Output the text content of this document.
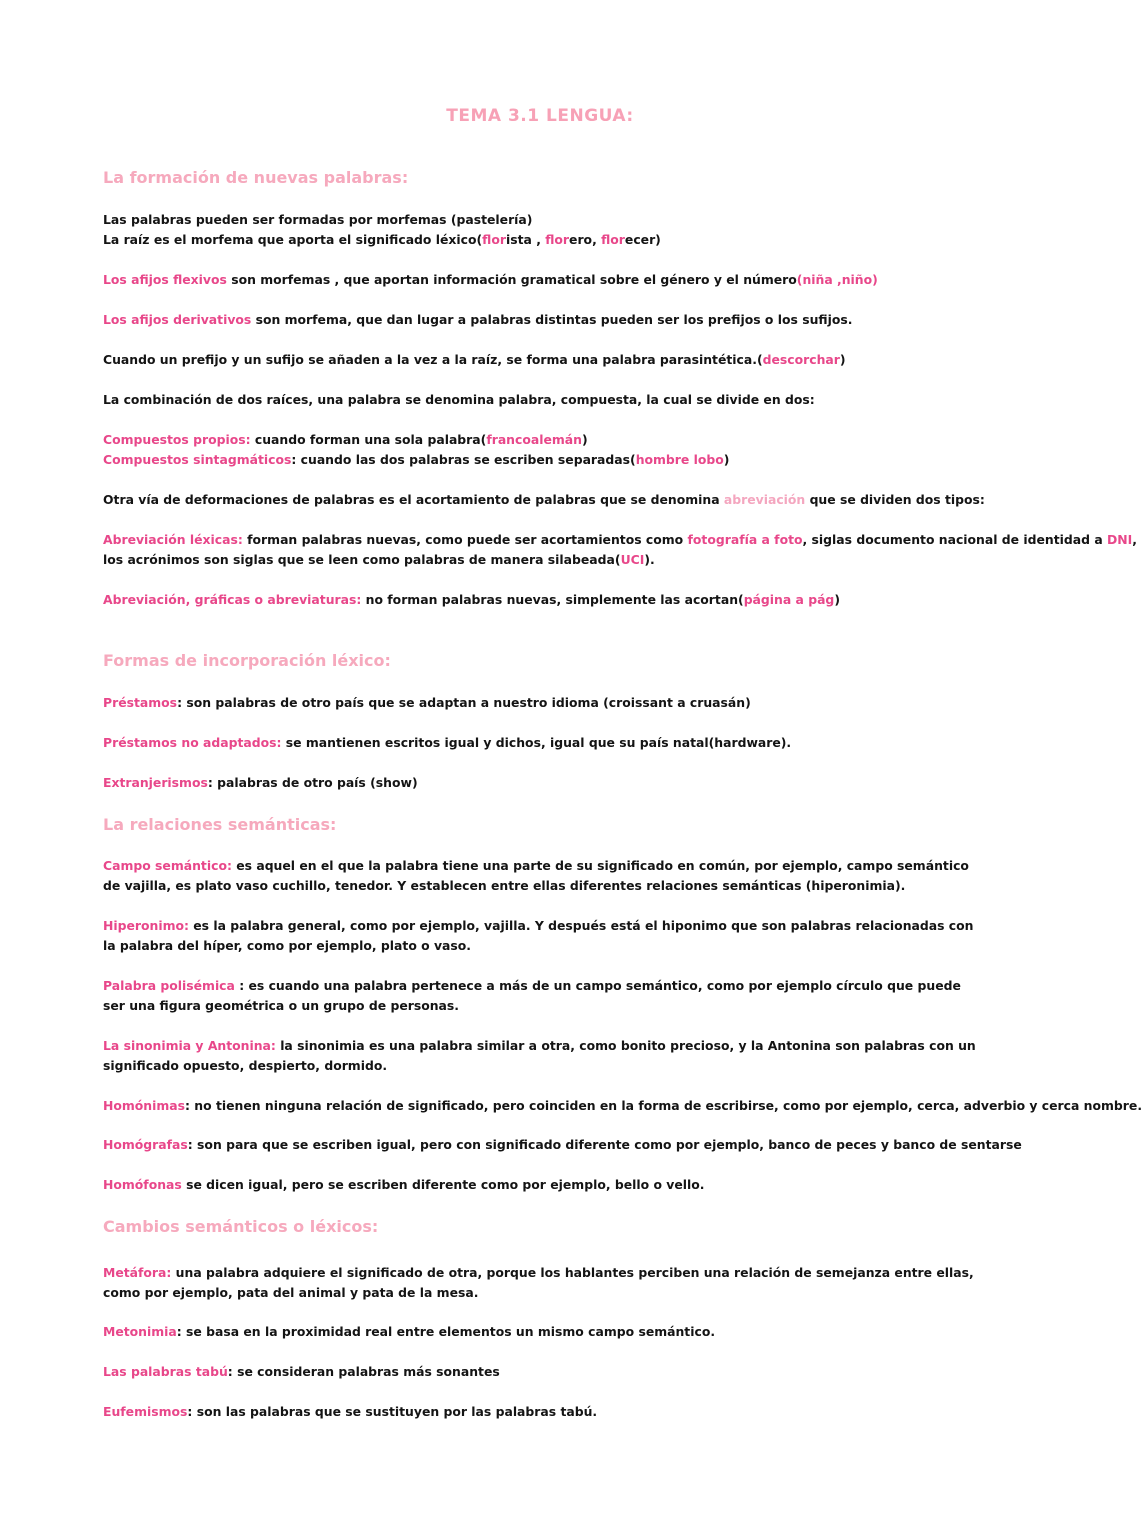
TEMA 3.1 LENGUA:
La formación de nuevas palabras:
Las palabras pueden ser formadas por morfemas (pastelería)
La raíz es el morfema que aporta el significado léxico(florista , florero, florecer)
Los afijos flexivos son morfemas , que aportan información gramatical sobre el género y el número(niña ,niño)
Los afijos derivativos son morfema, que dan lugar a palabras distintas pueden ser los prefijos o los sufijos.
Cuando un prefijo y un sufijo se añaden a la vez a la raíz, se forma una palabra parasintética.(descorchar)
La combinación de dos raíces, una palabra se denomina palabra, compuesta, la cual se divide en dos:
Compuestos propios: cuando forman una sola palabra(francoalemán)
Compuestos sintagmáticos: cuando las dos palabras se escriben separadas(hombre lobo)
Otra vía de deformaciones de palabras es el acortamiento de palabras que se denomina abreviación que se dividen dos tipos:
Abreviación léxicas: forman palabras nuevas, como puede ser acortamientos como fotografía a foto, siglas documento nacional de identidad a DNI,
los acrónimos son siglas que se leen como palabras de manera silabeada(UCI).
Abreviación, gráficas o abreviaturas: no forman palabras nuevas, simplemente las acortan(página a pág)
Formas de incorporación léxico:
Préstamos: son palabras de otro país que se adaptan a nuestro idioma (croissant a cruasán)
Préstamos no adaptados: se mantienen escritos igual y dichos, igual que su país natal(hardware).
Extranjerismos: palabras de otro país (show)
La relaciones semánticas:
Campo semántico: es aquel en el que la palabra tiene una parte de su significado en común, por ejemplo, campo semántico de vajilla, es plato vaso cuchillo, tenedor. Y establecen entre ellas diferentes relaciones semánticas (hiperonimia).
Hiperonimo: es la palabra general, como por ejemplo, vajilla. Y después está el hiponimo que son palabras relacionadas con la palabra del híper, como por ejemplo, plato o vaso.
Palabra polisémica : es cuando una palabra pertenece a más de un campo semántico, como por ejemplo círculo que puede ser una figura geométrica o un grupo de personas.
La sinonimia y Antonina: la sinonimia es una palabra similar a otra, como bonito precioso, y la Antonina son palabras con un significado opuesto, despierto, dormido.
Homónimas: no tienen ninguna relación de significado, pero coinciden en la forma de escribirse, como por ejemplo, cerca, adverbio y cerca nombre.
Homógrafas: son para que se escriben igual, pero con significado diferente como por ejemplo, banco de peces y banco de sentarse
Homófonas se dicen igual, pero se escriben diferente como por ejemplo, bello o vello.
Cambios semánticos o léxicos:
Metáfora: una palabra adquiere el significado de otra, porque los hablantes perciben una relación de semejanza entre ellas, como por ejemplo, pata del animal y pata de la mesa.
Metonimia: se basa en la proximidad real entre elementos un mismo campo semántico.
Las palabras tabú: se consideran palabras más sonantes
Eufemismos: son las palabras que se sustituyen por las palabras tabú.
